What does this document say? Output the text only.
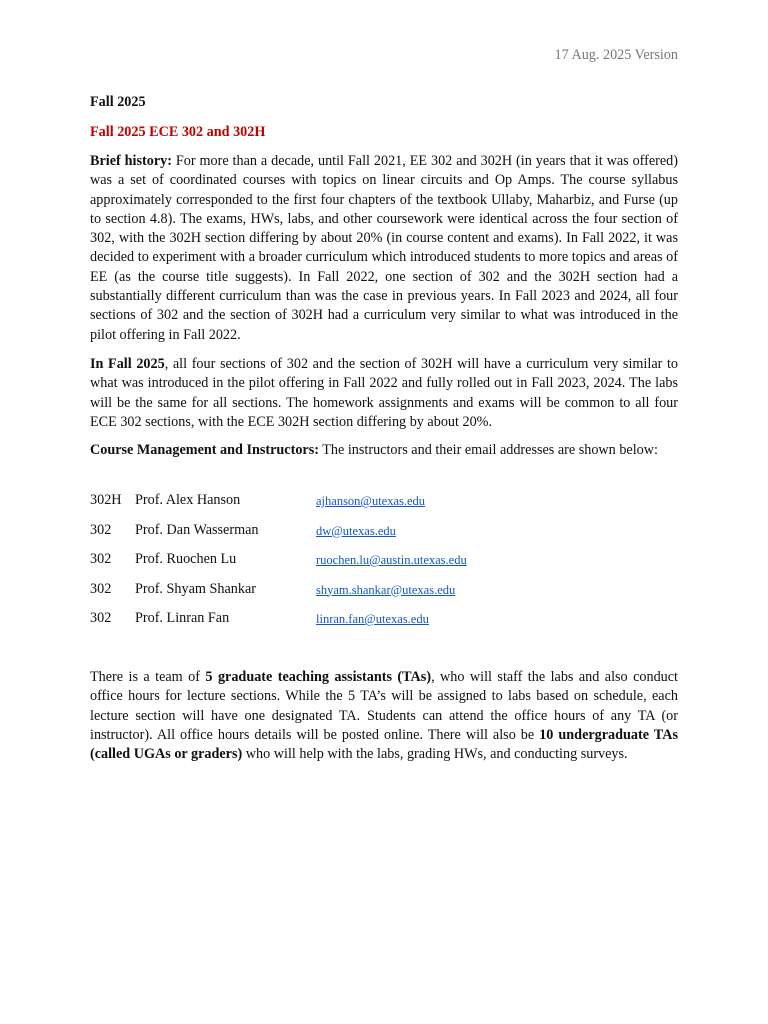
17 Aug. 2025 Version
Fall 2025
Fall 2025 ECE 302 and 302H

Brief history: For more than a decade, until Fall 2021, EE 302 and 302H (in years that it was offered) was a set of coordinated courses with topics on linear circuits and Op Amps. The course syllabus approximately corresponded to the first four chapters of the textbook Ullaby, Maharbiz, and Furse (up to section 4.8). The exams, HWs, labs, and other coursework were identical across the four section of 302, with the 302H section differing by about 20% (in course content and exams). In Fall 2022, it was decided to experiment with a broader curriculum which introduced students to more topics and areas of EE (as the course title suggests). In Fall 2022, one section of 302 and the 302H section had a substantially different curriculum than was the case in previous years. In Fall 2023 and 2024, all four sections of 302 and the section of 302H had a curriculum very similar to what was introduced in the pilot offering in Fall 2022.

In Fall 2025, all four sections of 302 and the section of 302H will have a curriculum very similar to what was introduced in the pilot offering in Fall 2022 and fully rolled out in Fall 2023, 2024. The labs will be the same for all sections. The homework assignments and exams will be common to all four ECE 302 sections, with the ECE 302H section differing by about 20%.

Course Management and Instructors: The instructors and their email addresses are shown below:

302H Prof. Alex Hanson	ajhanson@utexas.edu
302 Prof. Dan Wasserman	dw@utexas.edu
302 Prof. Ruochen Lu	ruochen.lu@austin.utexas.edu
302 Prof. Shyam Shankar	shyam.shankar@utexas.edu
302 Prof. Linran Fan	linran.fan@utexas.edu

There is a team of 5 graduate teaching assistants (TAs), who will staff the labs and also conduct office hours for lecture sections. While the 5 TA’s will be assigned to labs based on schedule, each lecture section will have one designated TA. Students can attend the office hours of any TA (or instructor). All office hours details will be posted online. There will also be 10 undergraduate TAs (called UGAs or graders) who will help with the labs, grading HWs, and conducting surveys.
